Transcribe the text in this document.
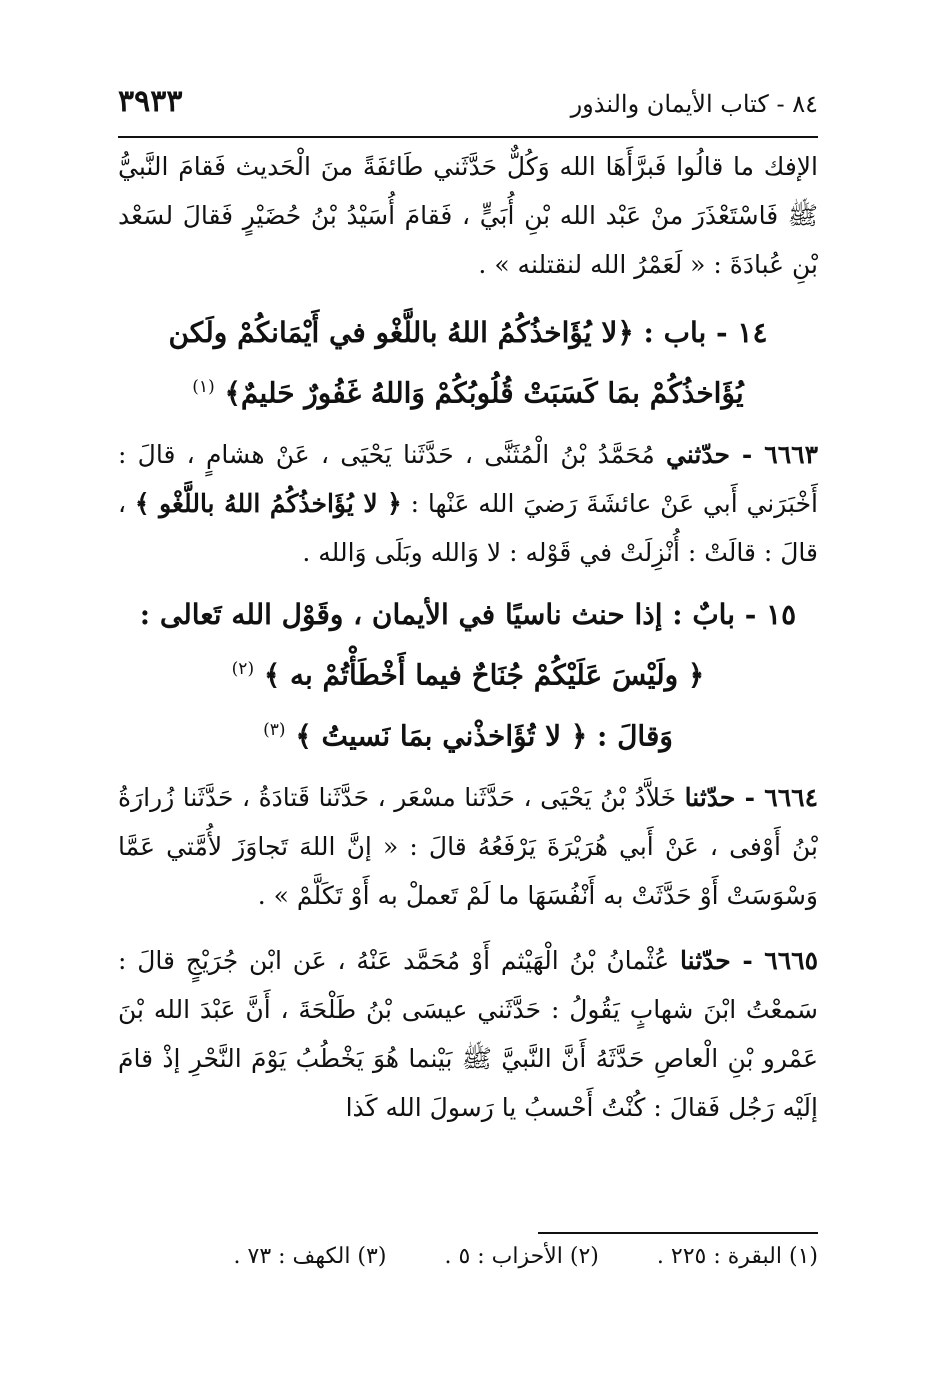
٣٩٣٣	٨٤ - كتاب الأيمان والنذور

الإفك ما قالُوا فَبرَّأَهَا الله وَكُلٌّ حَدَّثَني طَائفَةً منَ الْحَديث فَقامَ النَّبيُّ ﷺ فَاسْتَعْذَرَ منْ عَبْد الله بْنِ أُبَيٍّ ، فَقامَ أُسَيْدُ بْنُ حُضَيْرٍ فَقالَ لسَعْد بْنِ عُبادَةَ : « لَعَمْرُ الله لنقتلنه » .

١٤ - باب : ﴿لا يُؤَاخذُكُمُ اللهُ باللَّغْو في أَيْمَانكُمْ ولَكن يُؤَاخذُكُمْ بمَا كَسَبَتْ قُلُوبُكُمْ وَاللهُ غَفُورٌ حَليمٌ﴾ $^{(١)}$

٦٦٦٣ - حدّثني مُحَمَّدُ بْنُ الْمُثَنَّى ، حَدَّثَنا يَحْيَى ، عَنْ هشامٍ ، قالَ : أَخْبَرَني أَبي عَنْ عائشَةَ رَضيَ الله عَنْها : ﴿ لا يُؤَاخذُكُمُ اللهُ باللَّغْو ﴾ ، قالَ : قالَتْ : أُنْزِلَتْ في قَوْله : لا وَالله وبَلَى وَالله .

١٥ - بابٌ : إذا حنث ناسيًا في الأيمان ، وقَوْل الله تَعالى :

﴿ ولَيْسَ عَلَيْكُمْ جُنَاحٌ فيما أَخْطَأْتُمْ به ﴾ $^{(٢)}$

وَقالَ : ﴿ لا تُؤَاخذْني بمَا نَسيتُ ﴾ $^{(٣)}$

٦٦٦٤ - حدّثنا خَلاَّدُ بْنُ يَحْيَى ، حَدَّثَنا مسْعَر ، حَدَّثَنا قَتادَةُ ، حَدَّثَنا زُرارَةُ بْنُ أَوْفى ، عَنْ أَبي هُرَيْرَةَ يَرْفَعُهُ قالَ : « إنَّ اللهَ تَجاوَزَ لأُمَّتي عَمَّا وَسْوَسَتْ أَوْ حَدَّثَتْ به أَنْفُسَهَا ما لَمْ تَعملْ به أَوْ تَكَلَّمْ » .

٦٦٦٥ - حدّثنا عُثْمانُ بْنُ الْهَيْثم أَوْ مُحَمَّد عَنْهُ ، عَن ابْن جُرَيْجٍ قالَ : سَمعْتُ ابْنَ شهابٍ يَقُولُ : حَدَّثَني عيسَى بْنُ طَلْحَةَ ، أَنَّ عَبْدَ الله بْنَ عَمْرو بْنِ الْعاصِ حَدَّثَهُ أَنَّ النَّبيَّ ﷺ بَيْنما هُوَ يَخْطُبُ يَوْمَ النَّحْرِ إذْ قامَ إلَيْه رَجُل فَقالَ : كُنْتُ أَحْسبُ يا رَسولَ الله كَذا

(١) البقرة : ٢٢٥ .
(٢) الأحزاب : ٥ .
(٣) الكهف : ٧٣ .
